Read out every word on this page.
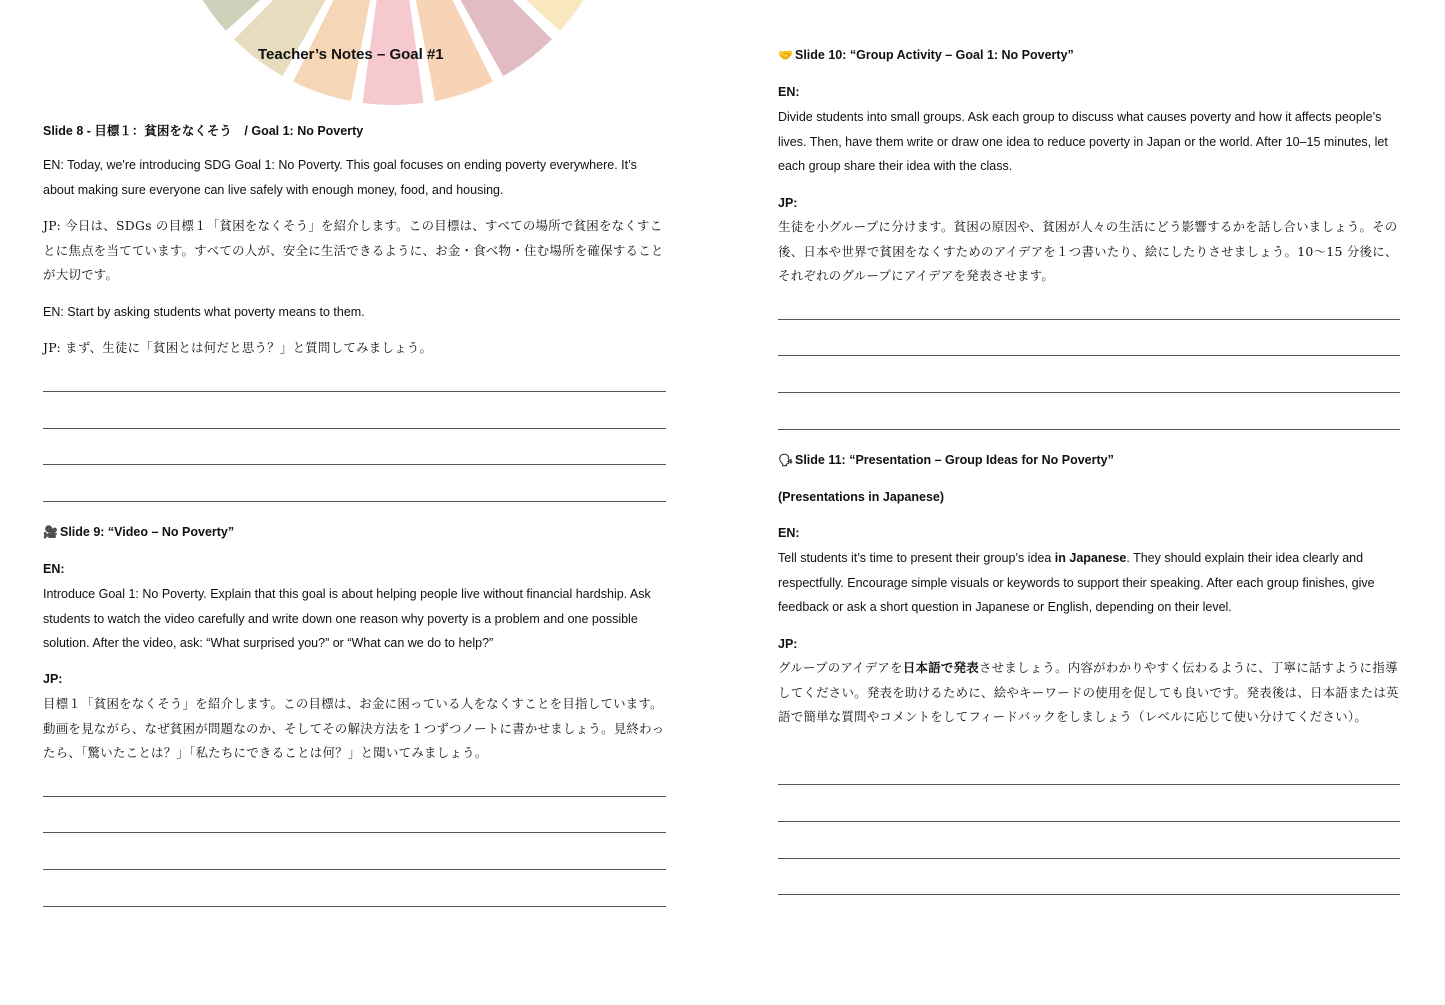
Teacher’s Notes – Goal #1
Slide 8 - 目標１：貧困をなくそう　/ Goal 1: No Poverty
EN: Today, we're introducing SDG Goal 1: No Poverty. This goal focuses on ending poverty everywhere. It’s about making sure everyone can live safely with enough money, food, and housing.
JP: 今日は、SDGs の目標１「貧困をなくそう」を紹介します。この目標は、すべての場所で貧困をなくすことに焦点を当てています。すべての人が、安全に生活できるように、お金・食べ物・住む場所を確保することが大切です。
EN: Start by asking students what poverty means to them.
JP: まず、生徒に「貧困とは何だと思う？」と質問してみましょう。
🎥 Slide 9: “Video – No Poverty”
EN:
Introduce Goal 1: No Poverty. Explain that this goal is about helping people live without financial hardship. Ask students to watch the video carefully and write down one reason why poverty is a problem and one possible solution. After the video, ask: “What surprised you?” or “What can we do to help?”
JP:
目標１「貧困をなくそう」を紹介します。この目標は、お金に困っている人をなくすことを目指しています。動画を見ながら、なぜ貧困が問題なのか、そしてその解決方法を１つずつノートに書かせましょう。見終わったら、「驚いたことは？」「私たちにできることは何？」と聞いてみましょう。
🤝 Slide 10: “Group Activity – Goal 1: No Poverty”
EN:
Divide students into small groups. Ask each group to discuss what causes poverty and how it affects people’s lives. Then, have them write or draw one idea to reduce poverty in Japan or the world. After 10–15 minutes, let each group share their idea with the class.
JP:
生徒を小グループに分けます。貧困の原因や、貧困が人々の生活にどう影響するかを話し合いましょう。その後、日本や世界で貧困をなくすためのアイデアを１つ書いたり、絵にしたりさせましょう。10〜15 分後に、それぞれのグループにアイデアを発表させます。
🗣 Slide 11: “Presentation – Group Ideas for No Poverty”
(Presentations in Japanese)
EN:
Tell students it’s time to present their group’s idea in Japanese. They should explain their idea clearly and respectfully. Encourage simple visuals or keywords to support their speaking. After each group finishes, give feedback or ask a short question in Japanese or English, depending on their level.
JP:
グループのアイデアを日本語で発表させましょう。内容がわかりやすく伝わるように、丁寧に話すように指導してください。発表を助けるために、絵やキーワードの使用を促しても良いです。発表後は、日本語または英語で簡単な質問やコメントをしてフィードバックをしましょう（レベルに応じて使い分けてください）。
